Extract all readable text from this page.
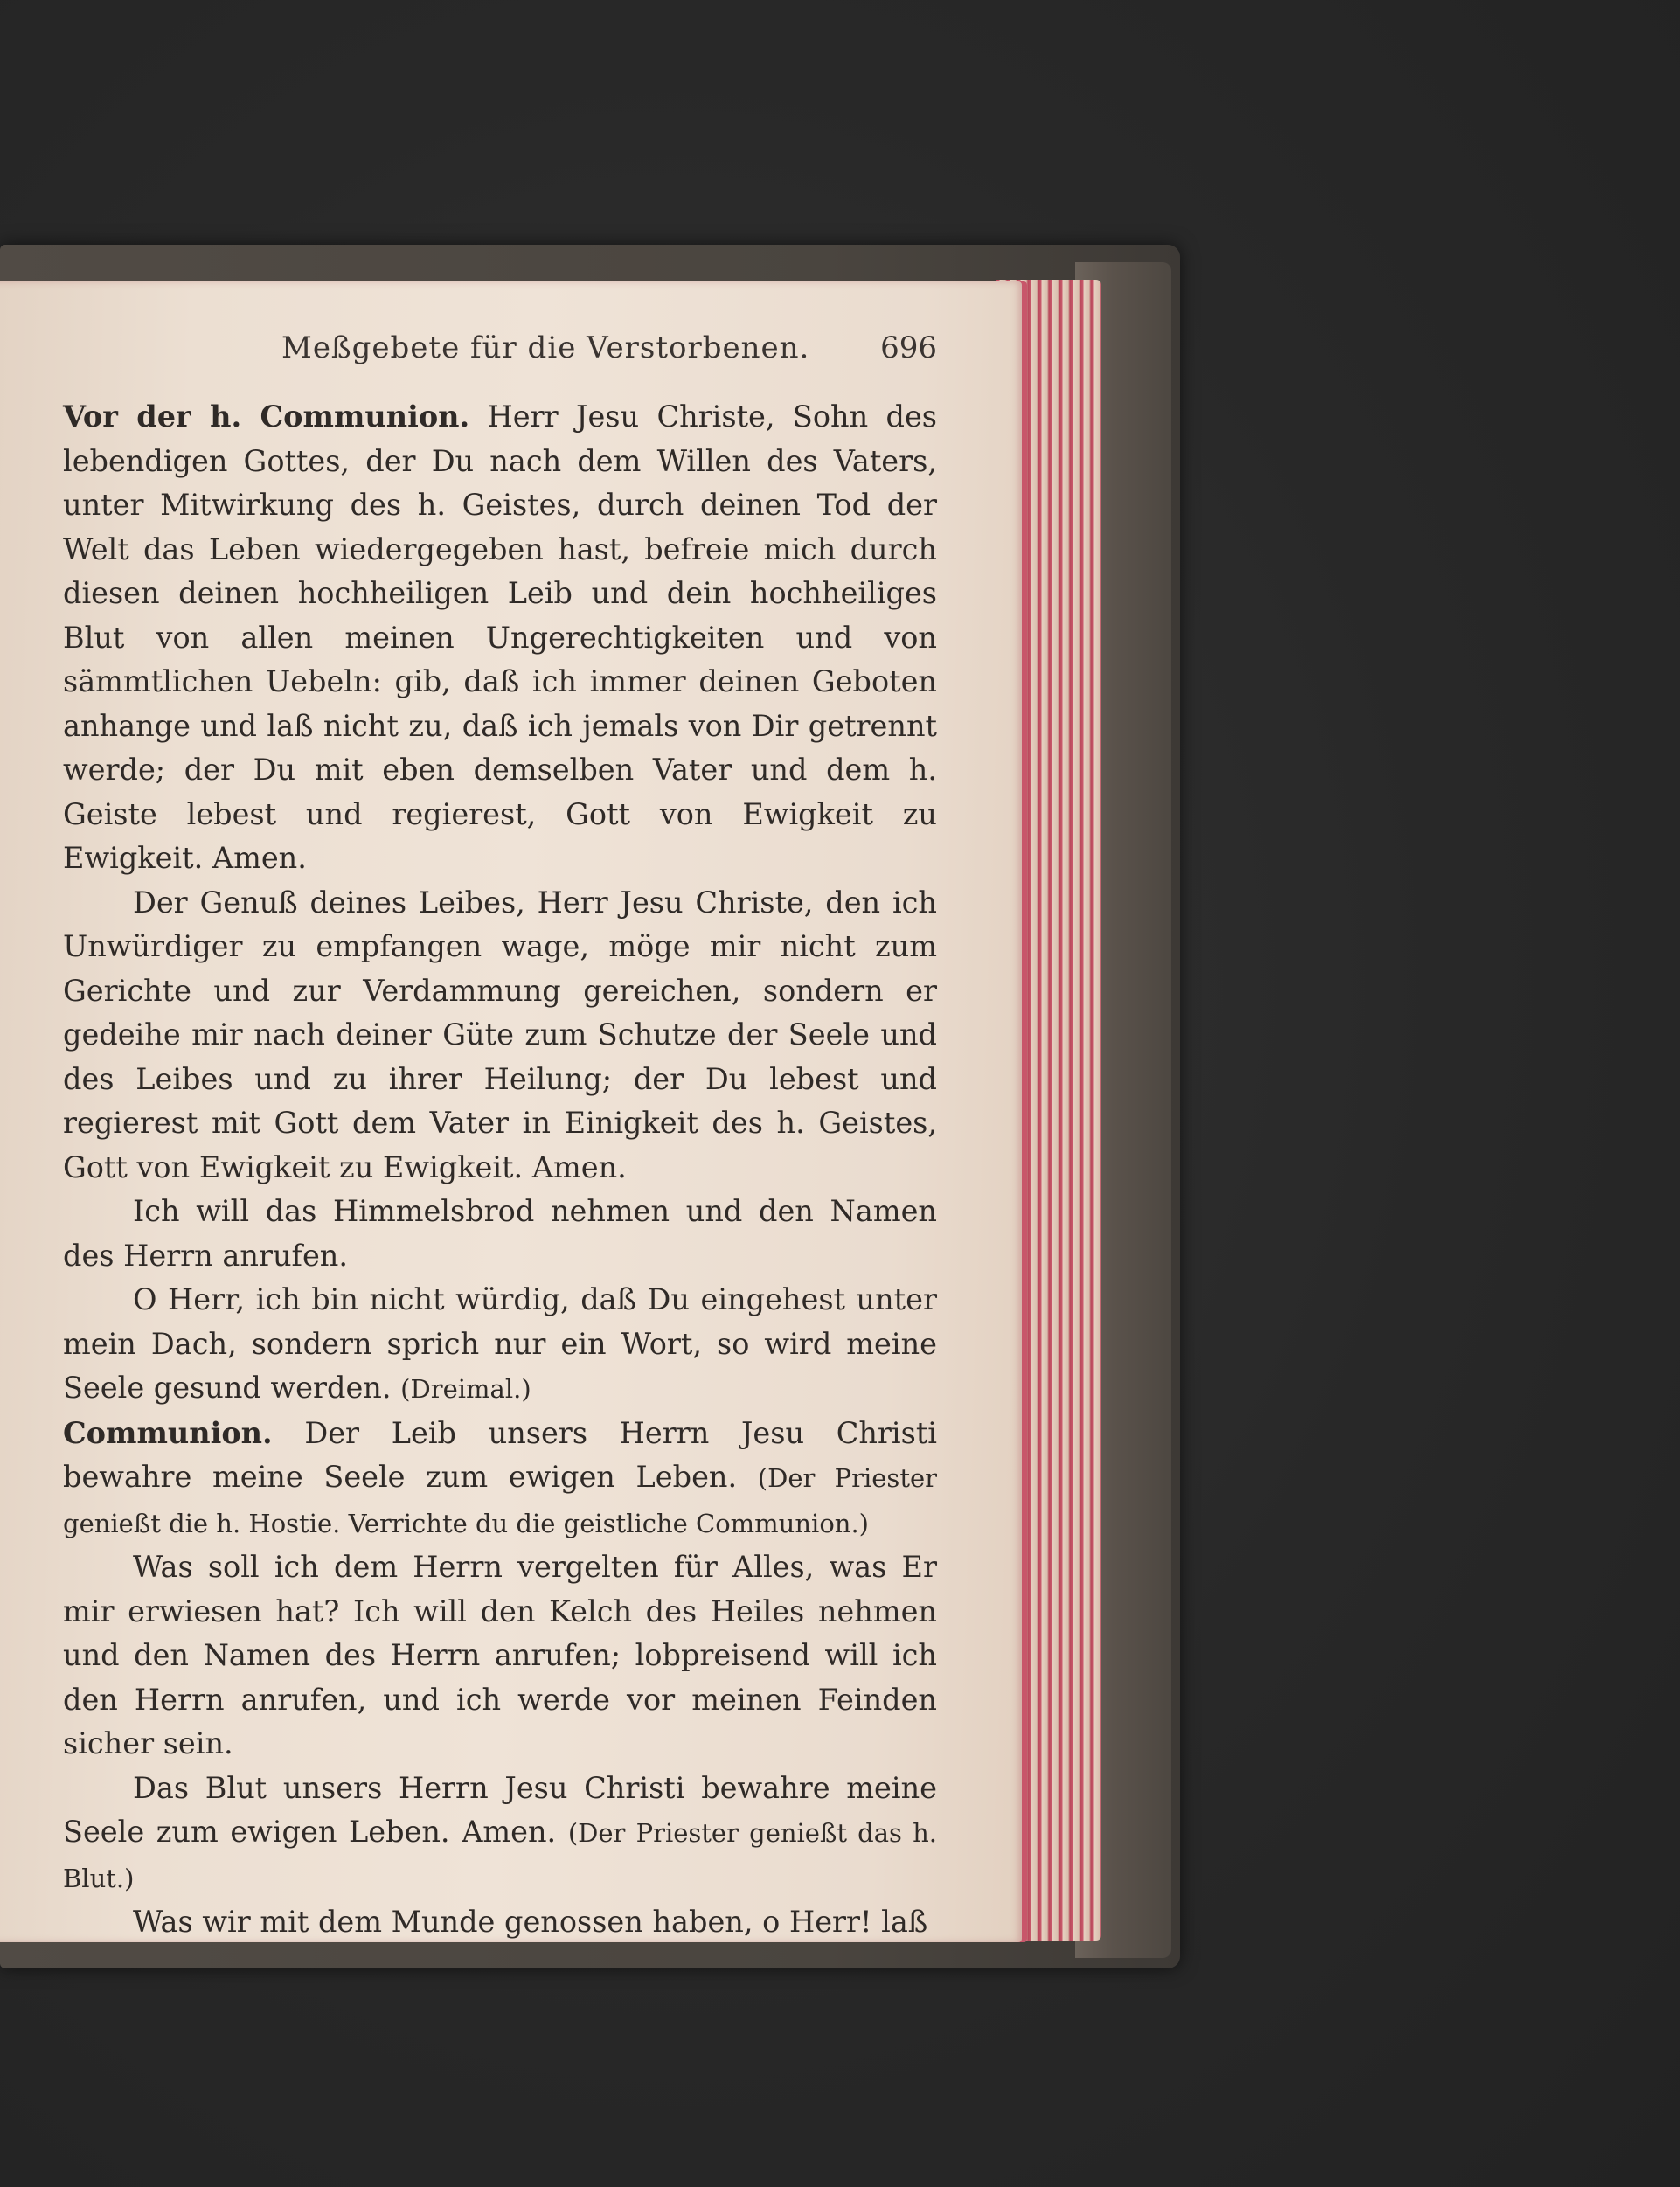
Meßgebete für die Verstorbenen. 696

Vor der h. Communion. Herr Jesu Christe, Sohn des lebendigen Gottes, der Du nach dem Willen des Vaters, unter Mitwirkung des h. Geistes, durch deinen Tod der Welt das Leben wiedergegeben hast, befreie mich durch diesen deinen hochheiligen Leib und dein hochheiliges Blut von allen meinen Ungerechtigkeiten und von sämmtlichen Uebeln: gib, daß ich immer deinen Geboten anhange und laß nicht zu, daß ich jemals von Dir getrennt werde; der Du mit eben demselben Vater und dem h. Geiste lebest und regierest, Gott von Ewigkeit zu Ewigkeit. Amen.

Der Genuß deines Leibes, Herr Jesu Christe, den ich Unwürdiger zu empfangen wage, möge mir nicht zum Gerichte und zur Verdammung gereichen, sondern er gedeihe mir nach deiner Güte zum Schutze der Seele und des Leibes und zu ihrer Heilung; der Du lebest und regierest mit Gott dem Vater in Einigkeit des h. Geistes, Gott von Ewigkeit zu Ewigkeit. Amen.

Ich will das Himmelsbrod nehmen und den Namen des Herrn anrufen.

O Herr, ich bin nicht würdig, daß Du eingehest unter mein Dach, sondern sprich nur ein Wort, so wird meine Seele gesund werden. (Dreimal.)

Communion. Der Leib unsers Herrn Jesu Christi bewahre meine Seele zum ewigen Leben. (Der Priester genießt die h. Hostie. Verrichte du die geistliche Communion.)

Was soll ich dem Herrn vergelten für Alles, was Er mir erwiesen hat? Ich will den Kelch des Heiles nehmen und den Namen des Herrn anrufen; lobpreisend will ich den Herrn anrufen, und ich werde vor meinen Feinden sicher sein.

Das Blut unsers Herrn Jesu Christi bewahre meine Seele zum ewigen Leben. Amen. (Der Priester genießt das h. Blut.)

Was wir mit dem Munde genossen haben, o Herr! laß
